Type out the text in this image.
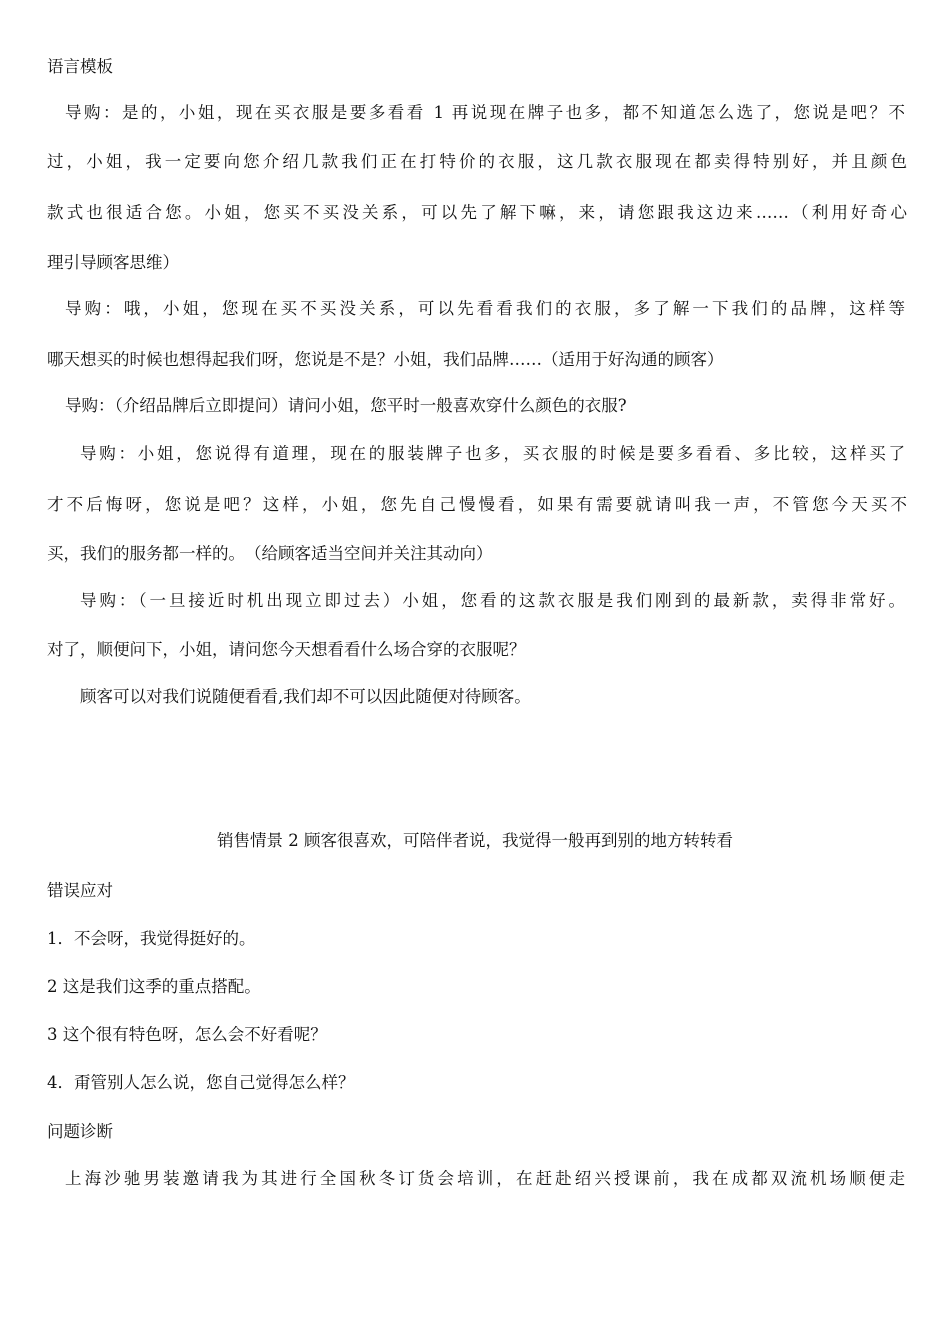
语言模板
导购：是的，小姐，现在买衣服是要多看看 1 再说现在牌子也多，都不知道怎么选了，您说是吧？不
过，小姐，我一定要向您介绍几款我们正在打特价的衣服，这几款衣服现在都卖得特别好，并且颜色
款式也很适合您。小姐，您买不买没关系，可以先了解下嘛，来，请您跟我这边来……（利用好奇心
理引导顾客思维）
导购：哦，小姐，您现在买不买没关系，可以先看看我们的衣服，多了解一下我们的品牌，这样等
哪天想买的时候也想得起我们呀，您说是不是？小姐，我们品牌……（适用于好沟通的顾客）
导购：（介绍品牌后立即提问）请问小姐，您平时一般喜欢穿什么颜色的衣服?
导购：小姐，您说得有道理，现在的服装牌子也多，买衣服的时候是要多看看、多比较，这样买了
才不后悔呀，您说是吧？这样，小姐，您先自己慢慢看，如果有需要就请叫我一声，不管您今天买不
买，我们的服务都一样的。　（给顾客适当空间并关注其动向）
导购：（一旦接近时机出现立即过去）小姐，您看的这款衣服是我们刚到的最新款，卖得非常好。
对了，顺便问下，小姐，请问您今天想看看什么场合穿的衣服呢？
顾客可以对我们说随便看看,我们却不可以因此随便对待顾客。
销售情景 2 顾客很喜欢，可陪伴者说，我觉得一般再到别的地方转转看
错误应对
1．不会呀，我觉得挺好的。
2 这是我们这季的重点搭配。
3 这个很有特色呀，怎么会不好看呢？
4．甭管别人怎么说，您自己觉得怎么样？
问题诊断
上海沙驰男装邀请我为其进行全国秋冬订货会培训，在赶赴绍兴授课前，我在成都双流机场顺便走
